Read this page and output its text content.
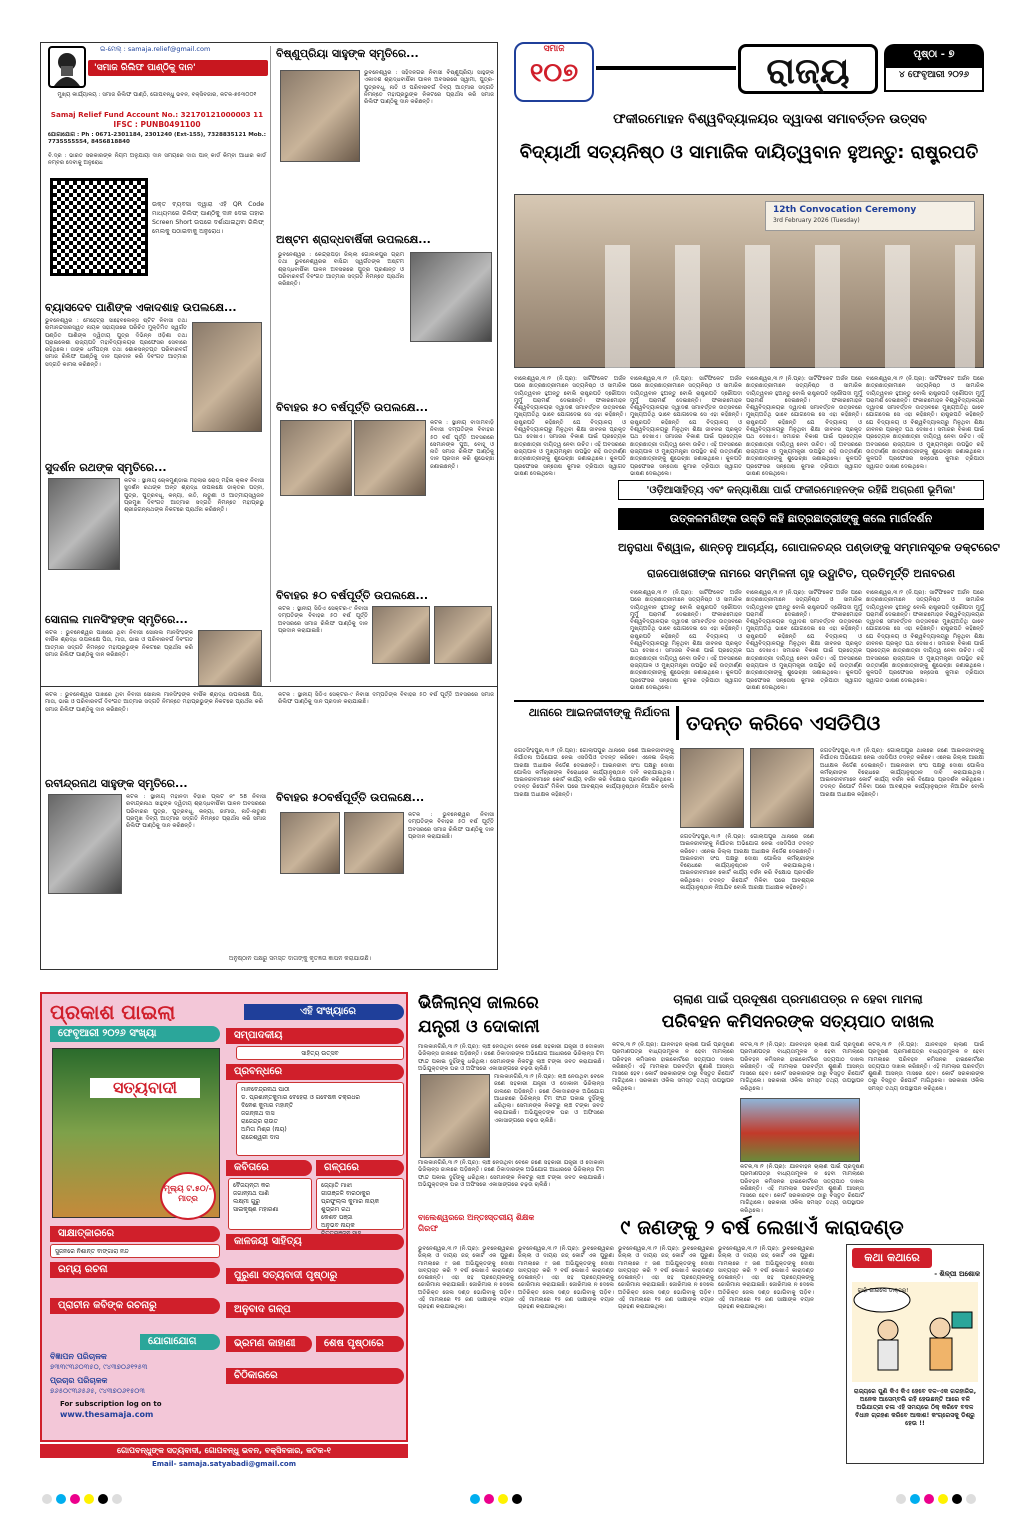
ଇ-ମେଲ୍ : samaja.relief@gmail.com
'ସମାଜ ରିଲିଫ ପାଣ୍ଠିକୁ ଦାନ'
ମୁଖ୍ୟ କାର୍ଯ୍ୟାଳୟ : ସମାଜ ରିଲିଫ ପାଣ୍ଠି, ଗୋପବନ୍ଧୁ ଭବନ, ବକ୍ସିବଜାର, କଟକ-୭୫୩୦୦୧
Samaj Relief Fund Account No.: 32170121000003 11
IFSC : PUNB0491100
ଯୋଗାଯୋଗ : Ph : 0671-2301184, 2301240 (Ext-155), 7328835121 Mob.: 7735555554, 8456818840
ବି.ଦ୍ର : ଭାରତ ସରକାରଙ୍କ ନିୟମ ଅନୁଯାୟୀ ଦାନ ସମୟରେ ଦାତା ପାନ୍ କାର୍ଡ କିମ୍ବା ଆଧାର କାର୍ଡ ନମ୍ବର ଦେବାକୁ ଅନୁରୋଧ
ଉକ୍ତ ବ୍ୟବସା ଦ୍ୱାରା ଏହି QR Code ମାଧ୍ୟମରେ ରିଲିଫ୍ ପାଣ୍ଠିକୁ ଦାନ ଦେଇ ତାହାର Screen Short ଉପରେ ଦର୍ଶାଯାଇଥିବା ରିଲିଫ୍ ମେଲକୁ ପଠାଇବାକୁ ଅନୁରୋଧ।
ବ୍ୟାସଦେବ ପାଣିଙ୍କ ଏକାଦଶାହ ଉପଲକ୍ଷେ...
ଭୁବନେଶ୍ୱର : ମେହେଟ୍ରା ସାହେବଲେନ୍ସ ଷ୍ଟିଟ ନିବାସୀ ତଥା ରାମାନନ୍ଦସାରସ୍ୱତ ନାୟକ ସହାୟତାରେ ପରିଚିତ ମୁକ୍ତିମିତ ସ୍ୱର୍ଗତ ପଣ୍ଡିତ ପାଣିଙ୍କ ଦ୍ୱିତୀୟ ପୁତ୍ର ଦିଭିନ୍ନ ଓଡ଼ିଶା ତଥା ପ୍ରାଇକେଶା ରାଜ୍ୟପତି ମହାବିଦ୍ୟାଳୟର ପ୍ରଫେସର ସେବାରେ ରହିଥିଲେ। ତାଙ୍କ ଧର୍ମପତ୍ନୀ ତଥା ଶୋକସନ୍ତପ୍ତ ପରିବାରବର୍ଗ ସମାଜ ରିଲିଫ ପାଣ୍ଠିକୁ ଦାନ ପ୍ରଦାନ କରି ଦିବଂଗତ ଆତ୍ମାର ସଦ୍ଗତି କାମନା କରିଛନ୍ତି।
ସୁଦର୍ଶନ ରଥଙ୍କ ସ୍ମୃତିରେ...
କଟକ : ସ୍ଥାନୀୟ ଚୋଳମୁଣ୍ଡାଇ ମହଲାର ରୋଡ୍ ମହିଳା କ୍ଲବ ନିବାସୀ ସୁଦର୍ଶନ ରଥଙ୍କ ଅନ୍ତ ଶ୍ରାଦ୍ଧ ଉପଲକ୍ଷେ ଡାକ୍ତର ପତ୍ନୀ, ପୁତ୍ର, ପୁତ୍ରବଧୂ, କନ୍ୟା, ନାତି, ନାତୁଣୀ ଓ ଆତ୍ମୀୟସ୍ୱଜନ ପ୍ରମୁଖ ଦିବଂଗତ ଆତ୍ମାର ସଦ୍ଗତି ନିମନ୍ତେ ମହାପ୍ରଭୁ ଶ୍ରୀଜଗନ୍ନାଥଙ୍କ ନିକଟରେ ପ୍ରାର୍ଥନା କରିଛନ୍ତି।
ସୋନାଲ ମାନସିଂହଙ୍କ ସ୍ମୃତିରେ...
କଟକ : ଭୁବନେଶ୍ୱର ପାଖରେ ଥିବା ନିବାସୀ ସୋନାଲ ମାନସିଂହଙ୍କ ବାର୍ଷିକ ଶ୍ରାଦ୍ଧ ଉପଲକ୍ଷେ ପିତା, ମାତା, ଭାଇ ଓ ପରିବାରବର୍ଗ ଦିବଂଗତ ଆତ୍ମାର ସଦ୍ଗତି ନିମନ୍ତେ ମହାପ୍ରଭୁଙ୍କ ନିକଟରେ ପ୍ରାର୍ଥନା କରି ସମାଜ ରିଲିଫ ପାଣ୍ଠିକୁ ଦାନ କରିଛନ୍ତି।
ବିଷ୍ଣୁପ୍ରିୟା ସାହୁଙ୍କ ସ୍ମୃତିରେ...
ଭୁବନେଶ୍ୱର : ସହିଦନଗର ନିବାସୀ ବିଷ୍ଣୁପ୍ରିୟା ସାହୁଙ୍କ ଏକାଦଶ ଶ୍ରାଦ୍ଧବାର୍ଷିକୀ ପାଳନ ଅବସରରେ ସ୍ୱାମୀ, ପୁତ୍ର-ପୁତ୍ରବଧୂ, ନାତି ଓ ପରିବାରବର୍ଗ ଦିବ୍ୟ ଆତ୍ମାର ସଦ୍ଗତି ନିମନ୍ତେ ମହାପ୍ରଭୁଙ୍କ ନିକଟରେ ପ୍ରାର୍ଥନା କରି ସମାଜ ରିଲିଫ ପାଣ୍ଠିକୁ ଦାନ କରିଛନ୍ତି।
ଅଷ୍ଟମ ଶ୍ରାଦ୍ଧବାର୍ଷିକୀ ଉପଲକ୍ଷେ...
ଭୁବନେଶ୍ୱର : କେନ୍ଦ୍ରାପଡ଼ା ଜିଲ୍ଲା ଗୋଲକପୁର ଗ୍ରାମ ତଥା ଭୁବନେଶ୍ୱରର ବାସିନ୍ଦା ସ୍ୱର୍ଗତଙ୍କ ଅଷ୍ଟମ ଶ୍ରାଦ୍ଧବାର୍ଷିକୀ ପାଳନ ଅବସରରେ ପୁତ୍ର ପ୍ରଶାନ୍ତ ଓ ପରିବାରବର୍ଗ ଦିବଂଗତ ଆତ୍ମାର ସଦ୍ଗତି ନିମନ୍ତେ ପ୍ରାର୍ଥନା କରିଛନ୍ତି।
ବିବାହର ୫୦ ବର୍ଷପୂର୍ତ୍ତି ଉପଲକ୍ଷେ...
କଟକ : ସ୍ଥାନୀୟ ବାଦାମବାଡ଼ି ନିବାସୀ ଦମ୍ପତିଙ୍କ ବିବାହର ୫୦ ବର୍ଷ ପୂର୍ତ୍ତି ଅବସରରେ ସେମାନଙ୍କ ପୁଅ, ବୋହୂ ଓ ନାତି ସମାଜ ରିଲିଫ ପାଣ୍ଠିକୁ ଦାନ ପ୍ରଦାନ କରି ଶୁଭେଚ୍ଛା ଜଣାଇଛନ୍ତି।
ବିବାହର ୫୦ ବର୍ଷପୂର୍ତ୍ତି ଉପଲକ୍ଷେ...
କଟକ : ସ୍ଥାନୀୟ ସିଡିଏ ସେକ୍ଟର-୯ ନିବାସୀ ଦମ୍ପତିଙ୍କ ବିବାହର ୫୦ ବର୍ଷ ପୂର୍ତ୍ତି ଅବସରରେ ସମାଜ ରିଲିଫ ପାଣ୍ଠିକୁ ଦାନ ପ୍ରଦାନ କରାଯାଇଛି।
ରବୀନ୍ଦ୍ରନାଥ ସାହୁଙ୍କ ସ୍ମୃତିରେ...
କଟକ : ସ୍ଥାନୀୟ ମହାନଦୀ ବିହାର ପ୍ଲଟ ନଂ 58 ନିବାସୀ ରବୀନ୍ଦ୍ରନାଥ ସାହୁଙ୍କ ଦ୍ୱିତୀୟ ଶ୍ରାଦ୍ଧବାର୍ଷିକୀ ପାଳନ ଅବସରରେ ପରିବାରର ପୁତ୍ର, ପୁତ୍ରବଧୂ, କନ୍ୟା, ଜାମାତା, ନାତି-ନାତୁଣୀ ପ୍ରମୁଖ ଦିବ୍ୟ ଆତ୍ମାର ସଦ୍ଗତି ନିମନ୍ତେ ପ୍ରାର୍ଥନା କରି ସମାଜ ରିଲିଫ ପାଣ୍ଠିକୁ ଦାନ କରିଛନ୍ତି।
ବିବାହର ୫୦ବର୍ଷପୂର୍ତ୍ତି ଉପଲକ୍ଷେ...
କଟକ : ଭୁବନେଶ୍ୱର ନିବାସୀ ଦମ୍ପତିଙ୍କ ବିବାହର ୫୦ ବର୍ଷ ପୂର୍ତ୍ତି ଅବସରରେ ସମାଜ ରିଲିଫ ପାଣ୍ଠିକୁ ଦାନ ପ୍ରଦାନ କରାଯାଇଛି।
ଅନୁଷ୍ଠାନ ପକ୍ଷରୁ ସମସ୍ତ ଦାତାଙ୍କୁ କୃତଜ୍ଞତା ଜ୍ଞାପନ କରାଯାଉଛି।
କଟକ : ଭୁବନେଶ୍ୱର ପାଖରେ ଥିବା ନିବାସୀ ସୋନାଲ ମାନସିଂହଙ୍କ ବାର୍ଷିକ ଶ୍ରାଦ୍ଧ ଉପଲକ୍ଷେ ପିତା, ମାତା, ଭାଇ ଓ ପରିବାରବର୍ଗ ଦିବଂଗତ ଆତ୍ମାର ସଦ୍ଗତି ନିମନ୍ତେ ମହାପ୍ରଭୁଙ୍କ ନିକଟରେ ପ୍ରାର୍ଥନା କରି ସମାଜ ରିଲିଫ ପାଣ୍ଠିକୁ ଦାନ କରିଛନ୍ତି।
କଟକ : ସ୍ଥାନୀୟ ସିଡିଏ ସେକ୍ଟର-୯ ନିବାସୀ ଦମ୍ପତିଙ୍କ ବିବାହର ୫୦ ବର୍ଷ ପୂର୍ତ୍ତି ଅବସରରେ ସମାଜ ରିଲିଫ ପାଣ୍ଠିକୁ ଦାନ ପ୍ରଦାନ କରାଯାଇଛି।
ସମାଜ
୧୦୭	ରାଜ୍ୟ	ପୃଷ୍ଠା - ୭
୪ ଫେବୃଆରୀ ୨୦୨୬
ଫକୀରମୋହନ ବିଶ୍ୱବିଦ୍ୟାଳୟର ଦ୍ୱାଦଶ ସମାବର୍ତ୍ତନ ଉତ୍ସବ
ବିଦ୍ୟାର୍ଥୀ ସତ୍ୟନିଷ୍ଠ ଓ ସାମାଜିକ ଦାୟିତ୍ୱବାନ ହୁଅନ୍ତୁ: ରାଷ୍ଟ୍ରପତି
12th Convocation Ceremony
3rd February 2026 (Tuesday)
ବାଲେଶ୍ୱର,୩।୨ (ନି.ପ୍ର): ସାର୍ଟିଫିକେଟ ଅର୍ଜନ ପରେ ଛାତ୍ରଛାତ୍ରୀମାନେ ସତ୍ୟନିଷ୍ଠ ଓ ସାମାଜିକ ଦାୟିତ୍ୱବାନ ହୁଅନ୍ତୁ ବୋଲି ରାଷ୍ଟ୍ରପତି ଦ୍ରୌପଦୀ ମୁର୍ମୁ ପରାମର୍ଶ ଦେଇଛନ୍ତି। ଫକୀରମୋହନ ବିଶ୍ୱବିଦ୍ୟାଳୟର ଦ୍ୱାଦଶ ସମାବର୍ତ୍ତନ ଉତ୍ସବରେ ମୁଖ୍ୟଅତିଥି ଭାବେ ଯୋଗଦେଇ ସେ ଏହା କହିଛନ୍ତି। ରାଷ୍ଟ୍ରପତି କହିଛନ୍ତି ଯେ ବିଦ୍ୟାଳୟ ଓ ବିଶ୍ୱବିଦ୍ୟାଳୟରୁ ମିଳୁଥିବା ଶିକ୍ଷା ଜୀବନର ପ୍ରକୃତ ପଥ ଦେଖାଏ। ସମାଜର ବିକାଶ ପାଇଁ ପ୍ରତ୍ୟେକ ଛାତ୍ରଛାତ୍ରୀ ଦାୟିତ୍ୱ ନେବା ଉଚିତ। ଏହି ଅବସରରେ ରାଜ୍ୟପାଳ ଓ ମୁଖ୍ୟମନ୍ତ୍ରୀ ଉପସ୍ଥିତ ରହି ଉତ୍ତୀର୍ଣ୍ଣ ଛାତ୍ରଛାତ୍ରୀଙ୍କୁ ଶୁଭେଚ୍ଛା ଜଣାଇଥିଲେ। କୁଳପତି ପ୍ରଫେସର ସନ୍ତୋଷ କୁମାର ତ୍ରିପାଠୀ ସ୍ୱାଗତ ଭାଷଣ ଦେଇଥିଲେ।
ବାଲେଶ୍ୱର,୩।୨ (ନି.ପ୍ର): ସାର୍ଟିଫିକେଟ ଅର୍ଜନ ପରେ ଛାତ୍ରଛାତ୍ରୀମାନେ ସତ୍ୟନିଷ୍ଠ ଓ ସାମାଜିକ ଦାୟିତ୍ୱବାନ ହୁଅନ୍ତୁ ବୋଲି ରାଷ୍ଟ୍ରପତି ଦ୍ରୌପଦୀ ମୁର୍ମୁ ପରାମର୍ଶ ଦେଇଛନ୍ତି। ଫକୀରମୋହନ ବିଶ୍ୱବିଦ୍ୟାଳୟର ଦ୍ୱାଦଶ ସମାବର୍ତ୍ତନ ଉତ୍ସବରେ ମୁଖ୍ୟଅତିଥି ଭାବେ ଯୋଗଦେଇ ସେ ଏହା କହିଛନ୍ତି। ରାଷ୍ଟ୍ରପତି କହିଛନ୍ତି ଯେ ବିଦ୍ୟାଳୟ ଓ ବିଶ୍ୱବିଦ୍ୟାଳୟରୁ ମିଳୁଥିବା ଶିକ୍ଷା ଜୀବନର ପ୍ରକୃତ ପଥ ଦେଖାଏ। ସମାଜର ବିକାଶ ପାଇଁ ପ୍ରତ୍ୟେକ ଛାତ୍ରଛାତ୍ରୀ ଦାୟିତ୍ୱ ନେବା ଉଚିତ। ଏହି ଅବସରରେ ରାଜ୍ୟପାଳ ଓ ମୁଖ୍ୟମନ୍ତ୍ରୀ ଉପସ୍ଥିତ ରହି ଉତ୍ତୀର୍ଣ୍ଣ ଛାତ୍ରଛାତ୍ରୀଙ୍କୁ ଶୁଭେଚ୍ଛା ଜଣାଇଥିଲେ। କୁଳପତି ପ୍ରଫେସର ସନ୍ତୋଷ କୁମାର ତ୍ରିପାଠୀ ସ୍ୱାଗତ ଭାଷଣ ଦେଇଥିଲେ।
ବାଲେଶ୍ୱର,୩।୨ (ନି.ପ୍ର): ସାର୍ଟିଫିକେଟ ଅର୍ଜନ ପରେ ଛାତ୍ରଛାତ୍ରୀମାନେ ସତ୍ୟନିଷ୍ଠ ଓ ସାମାଜିକ ଦାୟିତ୍ୱବାନ ହୁଅନ୍ତୁ ବୋଲି ରାଷ୍ଟ୍ରପତି ଦ୍ରୌପଦୀ ମୁର୍ମୁ ପରାମର୍ଶ ଦେଇଛନ୍ତି। ଫକୀରମୋହନ ବିଶ୍ୱବିଦ୍ୟାଳୟର ଦ୍ୱାଦଶ ସମାବର୍ତ୍ତନ ଉତ୍ସବରେ ମୁଖ୍ୟଅତିଥି ଭାବେ ଯୋଗଦେଇ ସେ ଏହା କହିଛନ୍ତି। ରାଷ୍ଟ୍ରପତି କହିଛନ୍ତି ଯେ ବିଦ୍ୟାଳୟ ଓ ବିଶ୍ୱବିଦ୍ୟାଳୟରୁ ମିଳୁଥିବା ଶିକ୍ଷା ଜୀବନର ପ୍ରକୃତ ପଥ ଦେଖାଏ। ସମାଜର ବିକାଶ ପାଇଁ ପ୍ରତ୍ୟେକ ଛାତ୍ରଛାତ୍ରୀ ଦାୟିତ୍ୱ ନେବା ଉଚିତ। ଏହି ଅବସରରେ ରାଜ୍ୟପାଳ ଓ ମୁଖ୍ୟମନ୍ତ୍ରୀ ଉପସ୍ଥିତ ରହି ଉତ୍ତୀର୍ଣ୍ଣ ଛାତ୍ରଛାତ୍ରୀଙ୍କୁ ଶୁଭେଚ୍ଛା ଜଣାଇଥିଲେ। କୁଳପତି ପ୍ରଫେସର ସନ୍ତୋଷ କୁମାର ତ୍ରିପାଠୀ ସ୍ୱାଗତ ଭାଷଣ ଦେଇଥିଲେ।
ବାଲେଶ୍ୱର,୩।୨ (ନି.ପ୍ର): ସାର୍ଟିଫିକେଟ ଅର୍ଜନ ପରେ ଛାତ୍ରଛାତ୍ରୀମାନେ ସତ୍ୟନିଷ୍ଠ ଓ ସାମାଜିକ ଦାୟିତ୍ୱବାନ ହୁଅନ୍ତୁ ବୋଲି ରାଷ୍ଟ୍ରପତି ଦ୍ରୌପଦୀ ମୁର୍ମୁ ପରାମର୍ଶ ଦେଇଛନ୍ତି। ଫକୀରମୋହନ ବିଶ୍ୱବିଦ୍ୟାଳୟର ଦ୍ୱାଦଶ ସମାବର୍ତ୍ତନ ଉତ୍ସବରେ ମୁଖ୍ୟଅତିଥି ଭାବେ ଯୋଗଦେଇ ସେ ଏହା କହିଛନ୍ତି। ରାଷ୍ଟ୍ରପତି କହିଛନ୍ତି ଯେ ବିଦ୍ୟାଳୟ ଓ ବିଶ୍ୱବିଦ୍ୟାଳୟରୁ ମିଳୁଥିବା ଶିକ୍ଷା ଜୀବନର ପ୍ରକୃତ ପଥ ଦେଖାଏ। ସମାଜର ବିକାଶ ପାଇଁ ପ୍ରତ୍ୟେକ ଛାତ୍ରଛାତ୍ରୀ ଦାୟିତ୍ୱ ନେବା ଉଚିତ। ଏହି ଅବସରରେ ରାଜ୍ୟପାଳ ଓ ମୁଖ୍ୟମନ୍ତ୍ରୀ ଉପସ୍ଥିତ ରହି ଉତ୍ତୀର୍ଣ୍ଣ ଛାତ୍ରଛାତ୍ରୀଙ୍କୁ ଶୁଭେଚ୍ଛା ଜଣାଇଥିଲେ। କୁଳପତି ପ୍ରଫେସର ସନ୍ତୋଷ କୁମାର ତ୍ରିପାଠୀ ସ୍ୱାଗତ ଭାଷଣ ଦେଇଥିଲେ।
'ଓଡ଼ିଆସାହିତ୍ୟ ଏବଂ କନ୍ୟାଶିକ୍ଷା ପାଇଁ ଫକୀରମୋହନଙ୍କ ରହିଛି ଅଗ୍ରଣୀ ଭୂମିକା'
ଉତ୍କଳମଣିଙ୍କ ଉକ୍ତି କହି ଛାତ୍ରଛାତ୍ରୀଙ୍କୁ କଲେ ମାର୍ଗଦର୍ଶନ
ଅନୁରାଧା ବିଶ୍ୱାଳ, ଶାନ୍ତନୁ ଆଚାର୍ଯ୍ୟ, ଗୋପାଳଚନ୍ଦ୍ର ପଣ୍ଡାଙ୍କୁ ସମ୍ମାନସୂଚକ ଡକ୍ଟରେଟ
ରାଜପୋଖରୀଙ୍କ ନାମରେ ସମ୍ମିଳନୀ ଗୃହ ଉଦ୍ଘାଟିତ, ପ୍ରତିମୂର୍ତ୍ତି ଅନାବରଣ
ବାଲେଶ୍ୱର,୩।୨ (ନି.ପ୍ର): ସାର୍ଟିଫିକେଟ ଅର୍ଜନ ପରେ ଛାତ୍ରଛାତ୍ରୀମାନେ ସତ୍ୟନିଷ୍ଠ ଓ ସାମାଜିକ ଦାୟିତ୍ୱବାନ ହୁଅନ୍ତୁ ବୋଲି ରାଷ୍ଟ୍ରପତି ଦ୍ରୌପଦୀ ମୁର୍ମୁ ପରାମର୍ଶ ଦେଇଛନ୍ତି। ଫକୀରମୋହନ ବିଶ୍ୱବିଦ୍ୟାଳୟର ଦ୍ୱାଦଶ ସମାବର୍ତ୍ତନ ଉତ୍ସବରେ ମୁଖ୍ୟଅତିଥି ଭାବେ ଯୋଗଦେଇ ସେ ଏହା କହିଛନ୍ତି। ରାଷ୍ଟ୍ରପତି କହିଛନ୍ତି ଯେ ବିଦ୍ୟାଳୟ ଓ ବିଶ୍ୱବିଦ୍ୟାଳୟରୁ ମିଳୁଥିବା ଶିକ୍ଷା ଜୀବନର ପ୍ରକୃତ ପଥ ଦେଖାଏ। ସମାଜର ବିକାଶ ପାଇଁ ପ୍ରତ୍ୟେକ ଛାତ୍ରଛାତ୍ରୀ ଦାୟିତ୍ୱ ନେବା ଉଚିତ। ଏହି ଅବସରରେ ରାଜ୍ୟପାଳ ଓ ମୁଖ୍ୟମନ୍ତ୍ରୀ ଉପସ୍ଥିତ ରହି ଉତ୍ତୀର୍ଣ୍ଣ ଛାତ୍ରଛାତ୍ରୀଙ୍କୁ ଶୁଭେଚ୍ଛା ଜଣାଇଥିଲେ। କୁଳପତି ପ୍ରଫେସର ସନ୍ତୋଷ କୁମାର ତ୍ରିପାଠୀ ସ୍ୱାଗତ ଭାଷଣ ଦେଇଥିଲେ।
ବାଲେଶ୍ୱର,୩।୨ (ନି.ପ୍ର): ସାର୍ଟିଫିକେଟ ଅର୍ଜନ ପରେ ଛାତ୍ରଛାତ୍ରୀମାନେ ସତ୍ୟନିଷ୍ଠ ଓ ସାମାଜିକ ଦାୟିତ୍ୱବାନ ହୁଅନ୍ତୁ ବୋଲି ରାଷ୍ଟ୍ରପତି ଦ୍ରୌପଦୀ ମୁର୍ମୁ ପରାମର୍ଶ ଦେଇଛନ୍ତି। ଫକୀରମୋହନ ବିଶ୍ୱବିଦ୍ୟାଳୟର ଦ୍ୱାଦଶ ସମାବର୍ତ୍ତନ ଉତ୍ସବରେ ମୁଖ୍ୟଅତିଥି ଭାବେ ଯୋଗଦେଇ ସେ ଏହା କହିଛନ୍ତି। ରାଷ୍ଟ୍ରପତି କହିଛନ୍ତି ଯେ ବିଦ୍ୟାଳୟ ଓ ବିଶ୍ୱବିଦ୍ୟାଳୟରୁ ମିଳୁଥିବା ଶିକ୍ଷା ଜୀବନର ପ୍ରକୃତ ପଥ ଦେଖାଏ। ସମାଜର ବିକାଶ ପାଇଁ ପ୍ରତ୍ୟେକ ଛାତ୍ରଛାତ୍ରୀ ଦାୟିତ୍ୱ ନେବା ଉଚିତ। ଏହି ଅବସରରେ ରାଜ୍ୟପାଳ ଓ ମୁଖ୍ୟମନ୍ତ୍ରୀ ଉପସ୍ଥିତ ରହି ଉତ୍ତୀର୍ଣ୍ଣ ଛାତ୍ରଛାତ୍ରୀଙ୍କୁ ଶୁଭେଚ୍ଛା ଜଣାଇଥିଲେ। କୁଳପତି ପ୍ରଫେସର ସନ୍ତୋଷ କୁମାର ତ୍ରିପାଠୀ ସ୍ୱାଗତ ଭାଷଣ ଦେଇଥିଲେ।
ବାଲେଶ୍ୱର,୩।୨ (ନି.ପ୍ର): ସାର୍ଟିଫିକେଟ ଅର୍ଜନ ପରେ ଛାତ୍ରଛାତ୍ରୀମାନେ ସତ୍ୟନିଷ୍ଠ ଓ ସାମାଜିକ ଦାୟିତ୍ୱବାନ ହୁଅନ୍ତୁ ବୋଲି ରାଷ୍ଟ୍ରପତି ଦ୍ରୌପଦୀ ମୁର୍ମୁ ପରାମର୍ଶ ଦେଇଛନ୍ତି। ଫକୀରମୋହନ ବିଶ୍ୱବିଦ୍ୟାଳୟର ଦ୍ୱାଦଶ ସମାବର୍ତ୍ତନ ଉତ୍ସବରେ ମୁଖ୍ୟଅତିଥି ଭାବେ ଯୋଗଦେଇ ସେ ଏହା କହିଛନ୍ତି। ରାଷ୍ଟ୍ରପତି କହିଛନ୍ତି ଯେ ବିଦ୍ୟାଳୟ ଓ ବିଶ୍ୱବିଦ୍ୟାଳୟରୁ ମିଳୁଥିବା ଶିକ୍ଷା ଜୀବନର ପ୍ରକୃତ ପଥ ଦେଖାଏ। ସମାଜର ବିକାଶ ପାଇଁ ପ୍ରତ୍ୟେକ ଛାତ୍ରଛାତ୍ରୀ ଦାୟିତ୍ୱ ନେବା ଉଚିତ। ଏହି ଅବସରରେ ରାଜ୍ୟପାଳ ଓ ମୁଖ୍ୟମନ୍ତ୍ରୀ ଉପସ୍ଥିତ ରହି ଉତ୍ତୀର୍ଣ୍ଣ ଛାତ୍ରଛାତ୍ରୀଙ୍କୁ ଶୁଭେଚ୍ଛା ଜଣାଇଥିଲେ। କୁଳପତି ପ୍ରଫେସର ସନ୍ତୋଷ କୁମାର ତ୍ରିପାଠୀ ସ୍ୱାଗତ ଭାଷଣ ଦେଇଥିଲେ।
ଥାନାରେ ଆଇନଜୀବୀଙ୍କୁ ନିର୍ଯାତନା ତଦନ୍ତ କରିବେ ଏସଡିପିଓ
ଜଗତସିଂହପୁର,୩।୨ (ନି.ପ୍ର): ଗୋଲାପପୁର ଥାନାରେ ଜଣେ ଆଇନଜୀବୀଙ୍କୁ ନିର୍ଯାତନା ଅଭିଯୋଗ ନେଇ ଏସଡିପିଓ ତଦନ୍ତ କରିବେ। ଏନେଇ ଜିଲ୍ଲା ଆରକ୍ଷୀ ଅଧୀକ୍ଷକ ନିର୍ଦ୍ଦେଶ ଦେଇଛନ୍ତି। ଆଇନଜୀବୀ ସଂଘ ପକ୍ଷରୁ ଦୋଷୀ ପୋଲିସ କର୍ମଚାରୀଙ୍କ ବିରୋଧରେ କାର୍ଯ୍ୟାନୁଷ୍ଠାନ ଦାବି କରାଯାଇଥିଲା। ଆଇନଜୀବୀମାନେ କୋର୍ଟ କାର୍ଯ୍ୟ ବର୍ଜନ କରି ବିକ୍ଷୋଭ ପ୍ରଦର୍ଶନ କରିଥିଲେ। ତଦନ୍ତ ରିପୋର୍ଟ ମିଳିବା ପରେ ଆବଶ୍ୟକ କାର୍ଯ୍ୟାନୁଷ୍ଠାନ ନିଆଯିବ ବୋଲି ଆରକ୍ଷୀ ଅଧୀକ୍ଷକ କହିଛନ୍ତି।
ଜଗତସିଂହପୁର,୩।୨ (ନି.ପ୍ର): ଗୋଲାପପୁର ଥାନାରେ ଜଣେ ଆଇନଜୀବୀଙ୍କୁ ନିର୍ଯାତନା ଅଭିଯୋଗ ନେଇ ଏସଡିପିଓ ତଦନ୍ତ କରିବେ। ଏନେଇ ଜିଲ୍ଲା ଆରକ୍ଷୀ ଅଧୀକ୍ଷକ ନିର୍ଦ୍ଦେଶ ଦେଇଛନ୍ତି। ଆଇନଜୀବୀ ସଂଘ ପକ୍ଷରୁ ଦୋଷୀ ପୋଲିସ କର୍ମଚାରୀଙ୍କ ବିରୋଧରେ କାର୍ଯ୍ୟାନୁଷ୍ଠାନ ଦାବି କରାଯାଇଥିଲା। ଆଇନଜୀବୀମାନେ କୋର୍ଟ କାର୍ଯ୍ୟ ବର୍ଜନ କରି ବିକ୍ଷୋଭ ପ୍ରଦର୍ଶନ କରିଥିଲେ। ତଦନ୍ତ ରିପୋର୍ଟ ମିଳିବା ପରେ ଆବଶ୍ୟକ କାର୍ଯ୍ୟାନୁଷ୍ଠାନ ନିଆଯିବ ବୋଲି ଆରକ୍ଷୀ ଅଧୀକ୍ଷକ କହିଛନ୍ତି।
ଜଗତସିଂହପୁର,୩।୨ (ନି.ପ୍ର): ଗୋଲାପପୁର ଥାନାରେ ଜଣେ ଆଇନଜୀବୀଙ୍କୁ ନିର୍ଯାତନା ଅଭିଯୋଗ ନେଇ ଏସଡିପିଓ ତଦନ୍ତ କରିବେ। ଏନେଇ ଜିଲ୍ଲା ଆରକ୍ଷୀ ଅଧୀକ୍ଷକ ନିର୍ଦ୍ଦେଶ ଦେଇଛନ୍ତି। ଆଇନଜୀବୀ ସଂଘ ପକ୍ଷରୁ ଦୋଷୀ ପୋଲିସ କର୍ମଚାରୀଙ୍କ ବିରୋଧରେ କାର୍ଯ୍ୟାନୁଷ୍ଠାନ ଦାବି କରାଯାଇଥିଲା। ଆଇନଜୀବୀମାନେ କୋର୍ଟ କାର୍ଯ୍ୟ ବର୍ଜନ କରି ବିକ୍ଷୋଭ ପ୍ରଦର୍ଶନ କରିଥିଲେ। ତଦନ୍ତ ରିପୋର୍ଟ ମିଳିବା ପରେ ଆବଶ୍ୟକ କାର୍ଯ୍ୟାନୁଷ୍ଠାନ ନିଆଯିବ ବୋଲି ଆରକ୍ଷୀ ଅଧୀକ୍ଷକ କହିଛନ୍ତି।
ପ୍ରକାଶ ପାଇଲା	ଏହି ସଂଖ୍ୟାରେ
ଫେବୃଆରୀ ୨୦୨୬ ସଂଖ୍ୟା
ସତ୍ୟବାଦୀ
ମୂଲ୍ୟ ଟ.୫୦/-ମାତ୍ର
ସମ୍ପାଦକୀୟ
ସାହିତ୍ୟ ଉତ୍ସବ
ପ୍ରବନ୍ଧରେ
ମାନବେନ୍ଦ୍ରନାଥ ପାଠୀ
ଡ. ପ୍ରଶାନ୍ତକୁମାର ବେହେରା ଓ ଗବେଷକ ଚକ୍ରଧର
ଦିନେଶ କୁମାର ମହାନ୍ତି
ଜଗନ୍ନାଥ ଦାସ
ରାଜେନ୍ଦ୍ର ରାଉତ
ଅମିତା ମିଶ୍ର (ନାୟ)
ରାଜେଶ୍ୱରୀ ଦାସ
କବିତାରେ	ଗଳ୍ପରେ
ବୈଜୟନ୍ତୀ କର
ଜଗାନ୍ନାଥ ପାଣି
ଲକ୍ଷ୍ମୀ ଗୁରୁ
ସାଇକୃଷ୍ଣ ମହାରଣା
ଜ୍ୟୋତି ମାଝୀ
ଗୀତାଞ୍ଜଳି ବାରଠାକୁର
ପ୍ରଫୁଲ୍ଲ କୁମାର ନାୟକ
ଶୁଭ୍ରମ ରଥ
କେଶବ ପଞ୍ଜା
ଅନୁଭବ ନାୟକ
ସାକ୍ଷାତ୍କାରରେ
ସୁଜନରେ ନିଶାନ୍ତ ବାଙ୍ଗାରା ନନ୍ଦ
ରମ୍ୟ ରଚନା
ପ୍ରାଚୀନ କବିଙ୍କ ରଚନାରୁ
ଯୋଗାଯୋଗ
ବିଜ୍ଞାପନ ପରିଚାଳକ
୭୩୩୯୩୬୦୩୫୦, ୯୪୩୭୦୬୧୨୫୩
ପ୍ରଚାର ପରିଚାଳକ
୭୬୫୦୯୩୬୫୬୫, ୯୪୩୭୦୬୧୫୦୩
କାଳଜୟୀ ସାହିତ୍ୟ
ପୁରୁଣା ସତ୍ୟବାଦୀ ପୃଷ୍ଠାରୁ
ଅନୁବାଦ ଗଳ୍ପ
ଭ୍ରମଣ କାହାଣୀ	ଶେଷ ପୃଷ୍ଠାରେ
ଚିଠିକାରରେ
For subscription log on to
www.thesamaja.com
ଗୋପବନ୍ଧୁଙ୍କ ସତ୍ୟବାଦୀ, ଗୋପବନ୍ଧୁ ଭବନ, ବକ୍ସିବଜାର, କଟକ-୧
Email- samaja.satyabadi@gmail.com
ଭିଜିଲାନ୍ସ ଜାଲରେ
ଯନ୍ତ୍ରୀ ଓ ଦୋକାନୀ
ମାଲକାନଗିରି,୩।୨ (ନି.ପ୍ର): ଲାଞ୍ଚ ନେଉଥିବା ବେଳେ ଜଣେ ସହକାରୀ ଯନ୍ତ୍ରୀ ଓ ଦୋକାନୀ ଭିଜିଲାନ୍ସ ଜାଲରେ ପଡ଼ିଛନ୍ତି। ଜଣେ ଠିକାଦାରଙ୍କ ଅଭିଯୋଗ ଆଧାରରେ ଭିଜିଲାନ୍ସ ଟିମ ଫାନ୍ଦ ପକାଇ ଦୁହିଁଙ୍କୁ ଧରିଥିଲା। ସେମାନଙ୍କ ନିକଟରୁ ଲାଞ୍ଚ ଟଙ୍କା ଜବତ କରାଯାଇଛି। ଅଭିଯୁକ୍ତଙ୍କ ଘର ଓ ଅଫିସରେ ଏକାସାଙ୍ଗରେ ଚଢ଼ଉ ଚାଲିଛି।
ମାଲକାନଗିରି,୩।୨ (ନି.ପ୍ର): ଲାଞ୍ଚ ନେଉଥିବା ବେଳେ ଜଣେ ସହକାରୀ ଯନ୍ତ୍ରୀ ଓ ଦୋକାନୀ ଭିଜିଲାନ୍ସ ଜାଲରେ ପଡ଼ିଛନ୍ତି। ଜଣେ ଠିକାଦାରଙ୍କ ଅଭିଯୋଗ ଆଧାରରେ ଭିଜିଲାନ୍ସ ଟିମ ଫାନ୍ଦ ପକାଇ ଦୁହିଁଙ୍କୁ ଧରିଥିଲା। ସେମାନଙ୍କ ନିକଟରୁ ଲାଞ୍ଚ ଟଙ୍କା ଜବତ କରାଯାଇଛି। ଅଭିଯୁକ୍ତଙ୍କ ଘର ଓ ଅଫିସରେ ଏକାସାଙ୍ଗରେ ଚଢ଼ଉ ଚାଲିଛି।
ମାଲକାନଗିରି,୩।୨ (ନି.ପ୍ର): ଲାଞ୍ଚ ନେଉଥିବା ବେଳେ ଜଣେ ସହକାରୀ ଯନ୍ତ୍ରୀ ଓ ଦୋକାନୀ ଭିଜିଲାନ୍ସ ଜାଲରେ ପଡ଼ିଛନ୍ତି। ଜଣେ ଠିକାଦାରଙ୍କ ଅଭିଯୋଗ ଆଧାରରେ ଭିଜିଲାନ୍ସ ଟିମ ଫାନ୍ଦ ପକାଇ ଦୁହିଁଙ୍କୁ ଧରିଥିଲା। ସେମାନଙ୍କ ନିକଟରୁ ଲାଞ୍ଚ ଟଙ୍କା ଜବତ କରାଯାଇଛି। ଅଭିଯୁକ୍ତଙ୍କ ଘର ଓ ଅଫିସରେ ଏକାସାଙ୍ଗରେ ଚଢ଼ଉ ଚାଲିଛି।
ଚାଲାଣ ପାଇଁ ପ୍ରଦୂଷଣ ପ୍ରମାଣପତ୍ର ନ ହେବା ମାମଲା
ପରିବହନ କମିସନରଙ୍କ ସତ୍ୟପାଠ ଦାଖଲ
କଟକ,୩।୨ (ନି.ପ୍ର): ଯାନବାହନ ଚାଲାଣ ପାଇଁ ପ୍ରଦୂଷଣ ପ୍ରମାଣପତ୍ର ବାଧ୍ୟତାମୂଳକ ନ ହେବା ମାମଲାରେ ପରିବହନ କମିସନର ହାଇକୋର୍ଟରେ ସତ୍ୟପାଠ ଦାଖଲ କରିଛନ୍ତି। ଏହି ମାମଲାର ପରବର୍ତ୍ତୀ ଶୁଣାଣି ଆସନ୍ତା ମାସରେ ହେବ। କୋର୍ଟ ସରକାରଙ୍କ ଠାରୁ ବିସ୍ତୃତ ରିପୋର୍ଟ ମାଗିଥିଲେ। ସରକାରୀ ଓକିଲ ସମସ୍ତ ତଥ୍ୟ ଉପସ୍ଥାପନ କରିଥିଲେ।
କଟକ,୩।୨ (ନି.ପ୍ର): ଯାନବାହନ ଚାଲାଣ ପାଇଁ ପ୍ରଦୂଷଣ ପ୍ରମାଣପତ୍ର ବାଧ୍ୟତାମୂଳକ ନ ହେବା ମାମଲାରେ ପରିବହନ କମିସନର ହାଇକୋର୍ଟରେ ସତ୍ୟପାଠ ଦାଖଲ କରିଛନ୍ତି। ଏହି ମାମଲାର ପରବର୍ତ୍ତୀ ଶୁଣାଣି ଆସନ୍ତା ମାସରେ ହେବ। କୋର୍ଟ ସରକାରଙ୍କ ଠାରୁ ବିସ୍ତୃତ ରିପୋର୍ଟ ମାଗିଥିଲେ। ସରକାରୀ ଓକିଲ ସମସ୍ତ ତଥ୍ୟ ଉପସ୍ଥାପନ କରିଥିଲେ।
କଟକ,୩।୨ (ନି.ପ୍ର): ଯାନବାହନ ଚାଲାଣ ପାଇଁ ପ୍ରଦୂଷଣ ପ୍ରମାଣପତ୍ର ବାଧ୍ୟତାମୂଳକ ନ ହେବା ମାମଲାରେ ପରିବହନ କମିସନର ହାଇକୋର୍ଟରେ ସତ୍ୟପାଠ ଦାଖଲ କରିଛନ୍ତି। ଏହି ମାମଲାର ପରବର୍ତ୍ତୀ ଶୁଣାଣି ଆସନ୍ତା ମାସରେ ହେବ। କୋର୍ଟ ସରକାରଙ୍କ ଠାରୁ ବିସ୍ତୃତ ରିପୋର୍ଟ ମାଗିଥିଲେ। ସରକାରୀ ଓକିଲ ସମସ୍ତ ତଥ୍ୟ ଉପସ୍ଥାପନ କରିଥିଲେ।
କଟକ,୩।୨ (ନି.ପ୍ର): ଯାନବାହନ ଚାଲାଣ ପାଇଁ ପ୍ରଦୂଷଣ ପ୍ରମାଣପତ୍ର ବାଧ୍ୟତାମୂଳକ ନ ହେବା ମାମଲାରେ ପରିବହନ କମିସନର ହାଇକୋର୍ଟରେ ସତ୍ୟପାଠ ଦାଖଲ କରିଛନ୍ତି। ଏହି ମାମଲାର ପରବର୍ତ୍ତୀ ଶୁଣାଣି ଆସନ୍ତା ମାସରେ ହେବ। କୋର୍ଟ ସରକାରଙ୍କ ଠାରୁ ବିସ୍ତୃତ ରିପୋର୍ଟ ମାଗିଥିଲେ। ସରକାରୀ ଓକିଲ ସମସ୍ତ ତଥ୍ୟ ଉପସ୍ଥାପନ କରିଥିଲେ।
ବାଲେଶ୍ୱରରେ ଅନ୍ତଃସ୍ତରୀୟ ଶିକ୍ଷକ ଗିରଫ	୯ ଜଣଙ୍କୁ ୨ ବର୍ଷ ଲେଖାଏଁ କାରାଦଣ୍ଡ
ଭୁବନେଶ୍ୱର,୩।୨ (ନି.ପ୍ର): ଭୁବନେଶ୍ୱରର ଜିଲ୍ଲା ଓ ଦାୟରା ଜଜ୍ କୋର୍ଟ ଏକ ପୁରୁଣା ମାମଲାରେ ୯ ଜଣ ଅଭିଯୁକ୍ତଙ୍କୁ ଦୋଷୀ ସାବ୍ୟସ୍ତ କରି ୨ ବର୍ଷ ଲେଖାଏଁ କାରାଦଣ୍ଡ ଦେଇଛନ୍ତି। ଏହା ସହ ପ୍ରତ୍ୟେକଙ୍କୁ ଜୋରିମାନା କରାଯାଇଛି। ଜୋରିମାନା ନ ଦେଲେ ଅତିରିକ୍ତ ଜେଲ ଦଣ୍ଡ ଭୋଗିବାକୁ ପଡ଼ିବ। ଏହି ମାମଲାରେ ୧୫ ଜଣ ସାକ୍ଷୀଙ୍କ ବୟାନ ଗ୍ରହଣ କରାଯାଇଥିଲା।
ଭୁବନେଶ୍ୱର,୩।୨ (ନି.ପ୍ର): ଭୁବନେଶ୍ୱରର ଜିଲ୍ଲା ଓ ଦାୟରା ଜଜ୍ କୋର୍ଟ ଏକ ପୁରୁଣା ମାମଲାରେ ୯ ଜଣ ଅଭିଯୁକ୍ତଙ୍କୁ ଦୋଷୀ ସାବ୍ୟସ୍ତ କରି ୨ ବର୍ଷ ଲେଖାଏଁ କାରାଦଣ୍ଡ ଦେଇଛନ୍ତି। ଏହା ସହ ପ୍ରତ୍ୟେକଙ୍କୁ ଜୋରିମାନା କରାଯାଇଛି। ଜୋରିମାନା ନ ଦେଲେ ଅତିରିକ୍ତ ଜେଲ ଦଣ୍ଡ ଭୋଗିବାକୁ ପଡ଼ିବ। ଏହି ମାମଲାରେ ୧୫ ଜଣ ସାକ୍ଷୀଙ୍କ ବୟାନ ଗ୍ରହଣ କରାଯାଇଥିଲା।
ଭୁବନେଶ୍ୱର,୩।୨ (ନି.ପ୍ର): ଭୁବନେଶ୍ୱରର ଜିଲ୍ଲା ଓ ଦାୟରା ଜଜ୍ କୋର୍ଟ ଏକ ପୁରୁଣା ମାମଲାରେ ୯ ଜଣ ଅଭିଯୁକ୍ତଙ୍କୁ ଦୋଷୀ ସାବ୍ୟସ୍ତ କରି ୨ ବର୍ଷ ଲେଖାଏଁ କାରାଦଣ୍ଡ ଦେଇଛନ୍ତି। ଏହା ସହ ପ୍ରତ୍ୟେକଙ୍କୁ ଜୋରିମାନା କରାଯାଇଛି। ଜୋରିମାନା ନ ଦେଲେ ଅତିରିକ୍ତ ଜେଲ ଦଣ୍ଡ ଭୋଗିବାକୁ ପଡ଼ିବ। ଏହି ମାମଲାରେ ୧୫ ଜଣ ସାକ୍ଷୀଙ୍କ ବୟାନ ଗ୍ରହଣ କରାଯାଇଥିଲା।
ଭୁବନେଶ୍ୱର,୩।୨ (ନି.ପ୍ର): ଭୁବନେଶ୍ୱରର ଜିଲ୍ଲା ଓ ଦାୟରା ଜଜ୍ କୋର୍ଟ ଏକ ପୁରୁଣା ମାମଲାରେ ୯ ଜଣ ଅଭିଯୁକ୍ତଙ୍କୁ ଦୋଷୀ ସାବ୍ୟସ୍ତ କରି ୨ ବର୍ଷ ଲେଖାଏଁ କାରାଦଣ୍ଡ ଦେଇଛନ୍ତି। ଏହା ସହ ପ୍ରତ୍ୟେକଙ୍କୁ ଜୋରିମାନା କରାଯାଇଛି। ଜୋରିମାନା ନ ଦେଲେ ଅତିରିକ୍ତ ଜେଲ ଦଣ୍ଡ ଭୋଗିବାକୁ ପଡ଼ିବ। ଏହି ମାମଲାରେ ୧୫ ଜଣ ସାକ୍ଷୀଙ୍କ ବୟାନ ଗ୍ରହଣ କରାଯାଇଥିଲା।
କଥା କଥାରେ
- ଶିଳ୍ପୀ ଅଶୋକ
ଗାହାଁ ଗାଇଲେ ଡାକ୍ତର!
ରାଜ୍ୟରେ ପୁଣି କିଏ କିଏ ହେବେ ଦଳ-ଏକ ଗରହାଜିର, ଅନେକ ଆସେମ୍ବଲି ରହି ହେଉଛନ୍ତି ଆରେ ବଳି ଅଭିଯାତ୍ରୀ ଚଳା ଏହି ସମୟରେ ଠିକ୍ କରିବେ ବଦଳ ବିଧାନ ଗ୍ରହଣ କରିବେ ଆକାଶ! କଂଗ୍ରେସକୁ ଡିଶ୍ରୁ ହେଉ !!
